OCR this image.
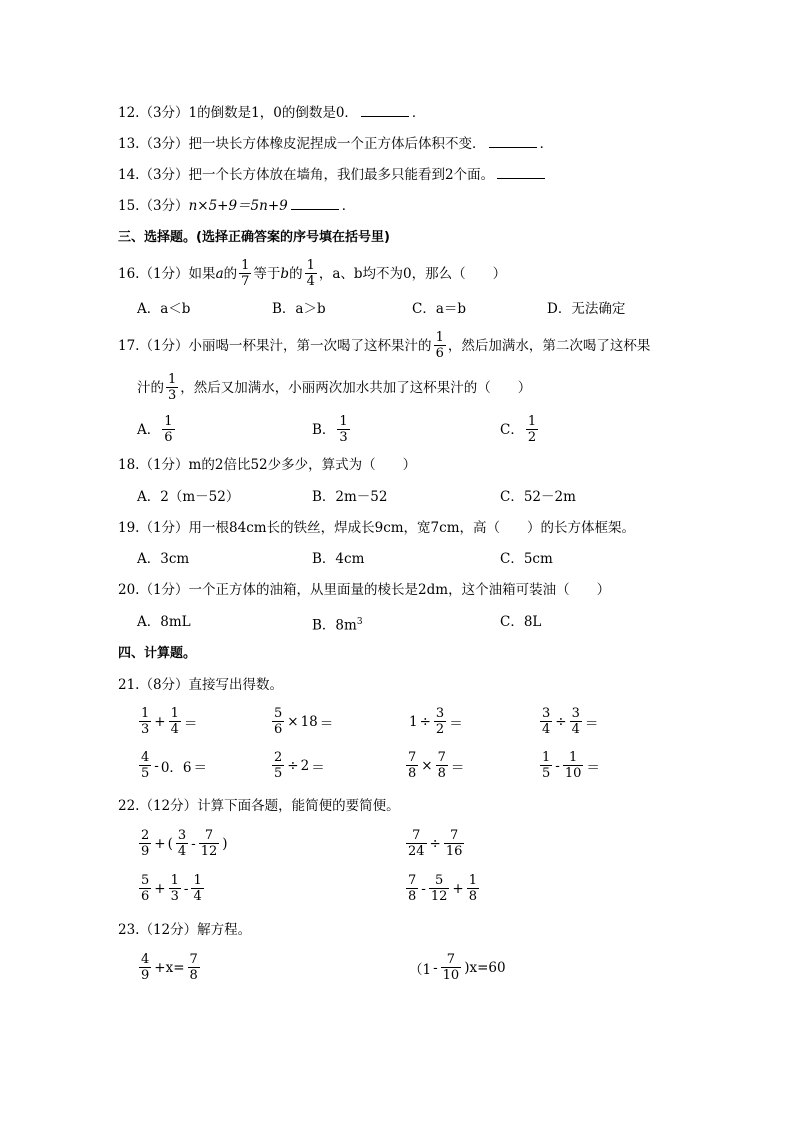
12.（3分）1的倒数是1，0的倒数是0．	．
13.（3分）把一块长方体橡皮泥捏成一个正方体后体积不变．	．
14.（3分）把一个长方体放在墙角，我们最多只能看到2个面。
15.（3分）n×5+9＝5n+9	．
三、选择题。(选择正确答案的序号填在括号里)
16.（1分）如果 a 的 $\frac{1}{7}$ 等于 b 的 $\frac{1}{4}$ ，a、b均不为0，那么（　　）
A．a＜b	B．a＞b	C．a＝b	D．无法确定
17.（1分）小丽喝一杯果汁，第一次喝了这杯果汁的 $\frac{1}{6}$ ，然后加满水，第二次喝了这杯果
汁的 $\frac{1}{3}$ ，然后又加满水，小丽两次加水共加了这杯果汁的（　　）
A． $\frac{1}{6}$	B． $\frac{1}{3}$	C． $\frac{1}{2}$
18.（1分）m的2倍比52少多少，算式为（　　）
A．2（m－52）	B．2m－52	C．52－2m
19.（1分）用一根84cm长的铁丝，焊成长9cm，宽7cm，高（　　）的长方体框架。
A．3cm	B．4cm	C．5cm
20.（1分）一个正方体的油箱，从里面量的棱长是2dm，这个油箱可装油（　　）
A．8mL	B．$8m^3$	C．8L
四、计算题。
21.（8分）直接写出得数。
$\frac{1}{3} + \frac{1}{4}$ ＝	$\frac{5}{6} \times 18$ ＝	$1 \div \frac{3}{2}$ ＝	$\frac{3}{4} \div \frac{3}{4}$ ＝
$\frac{4}{5} - 0$．6 ＝	$\frac{2}{5} \div 2$ ＝	$\frac{7}{8} \times \frac{7}{8}$ ＝	$\frac{1}{5} - \frac{1}{10}$ ＝
22.（12分）计算下面各题，能简便的要简便。
$\frac{2}{9}$ + ( $\frac{3}{4} - \frac{7}{12}$ )	$\frac{7}{24} \div \frac{7}{16}$
$\frac{5}{6} + \frac{1}{3} - \frac{1}{4}$	$\frac{7}{8} - \frac{5}{12} + \frac{1}{8}$
23.（12分）解方程。
$\frac{4}{9} +x= \frac{7}{8}$	$(1 - \frac{7}{10} )x=60$
